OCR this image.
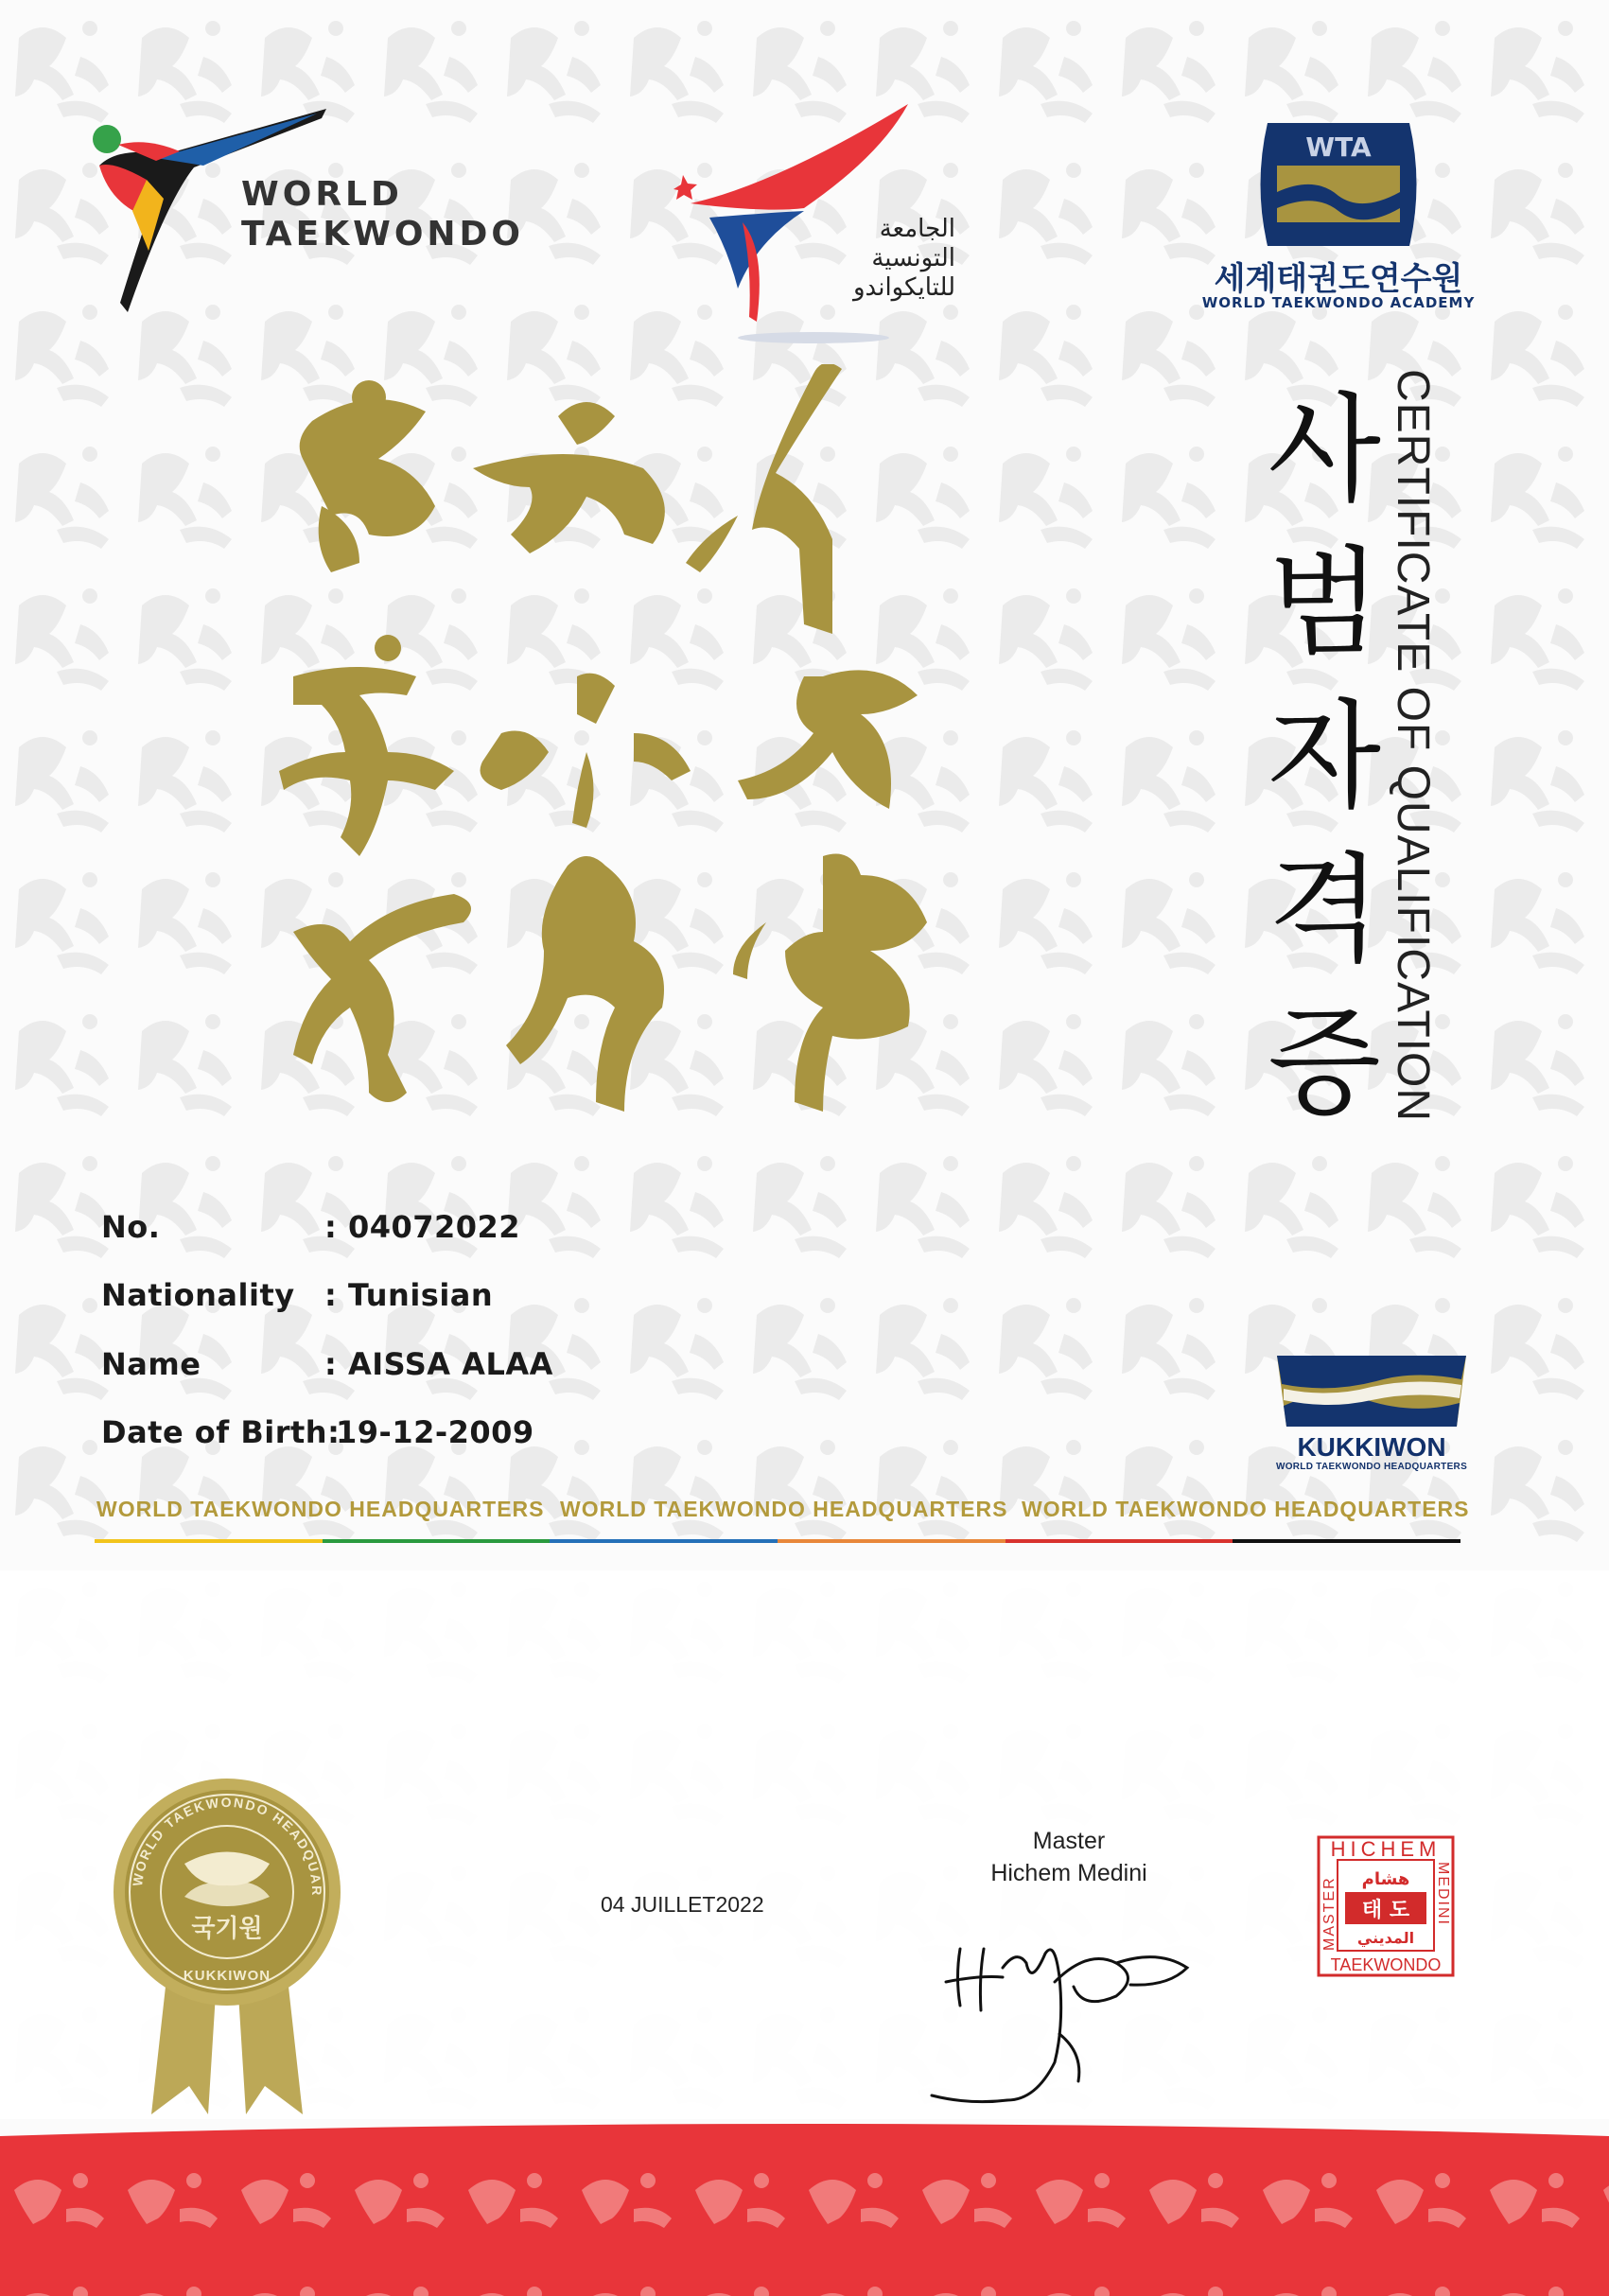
WORLD
TAEKWONDO	الجامعة
التونسية
للتايكواندو
WTA
세계태권도연수원
WORLD TAEKWONDO ACADEMY
사
범
자
격
증 CERTIFICATE OF QUALIFICATION
No.	: 04072022
Nationality : Tunisian
Name	: AISSA ALAA
Date of Birth:
19-12-2009	KUKKIWON
WORLD TAEKWONDO HEADQUARTERS
WORLD TAEKWONDO HEADQUARTERS WORLD TAEKWONDO HEADQUARTERS WORLD TAEKWONDO HEADQUARTERS
WORLD TAEKWONDO HEADQUAR
국기원
KUKKIWON
04 JUILLET2022
Master
Hichem Medini
HICHEM
TAEKWONDO
MASTER	MEDINI
هشام
태 도
المديني
